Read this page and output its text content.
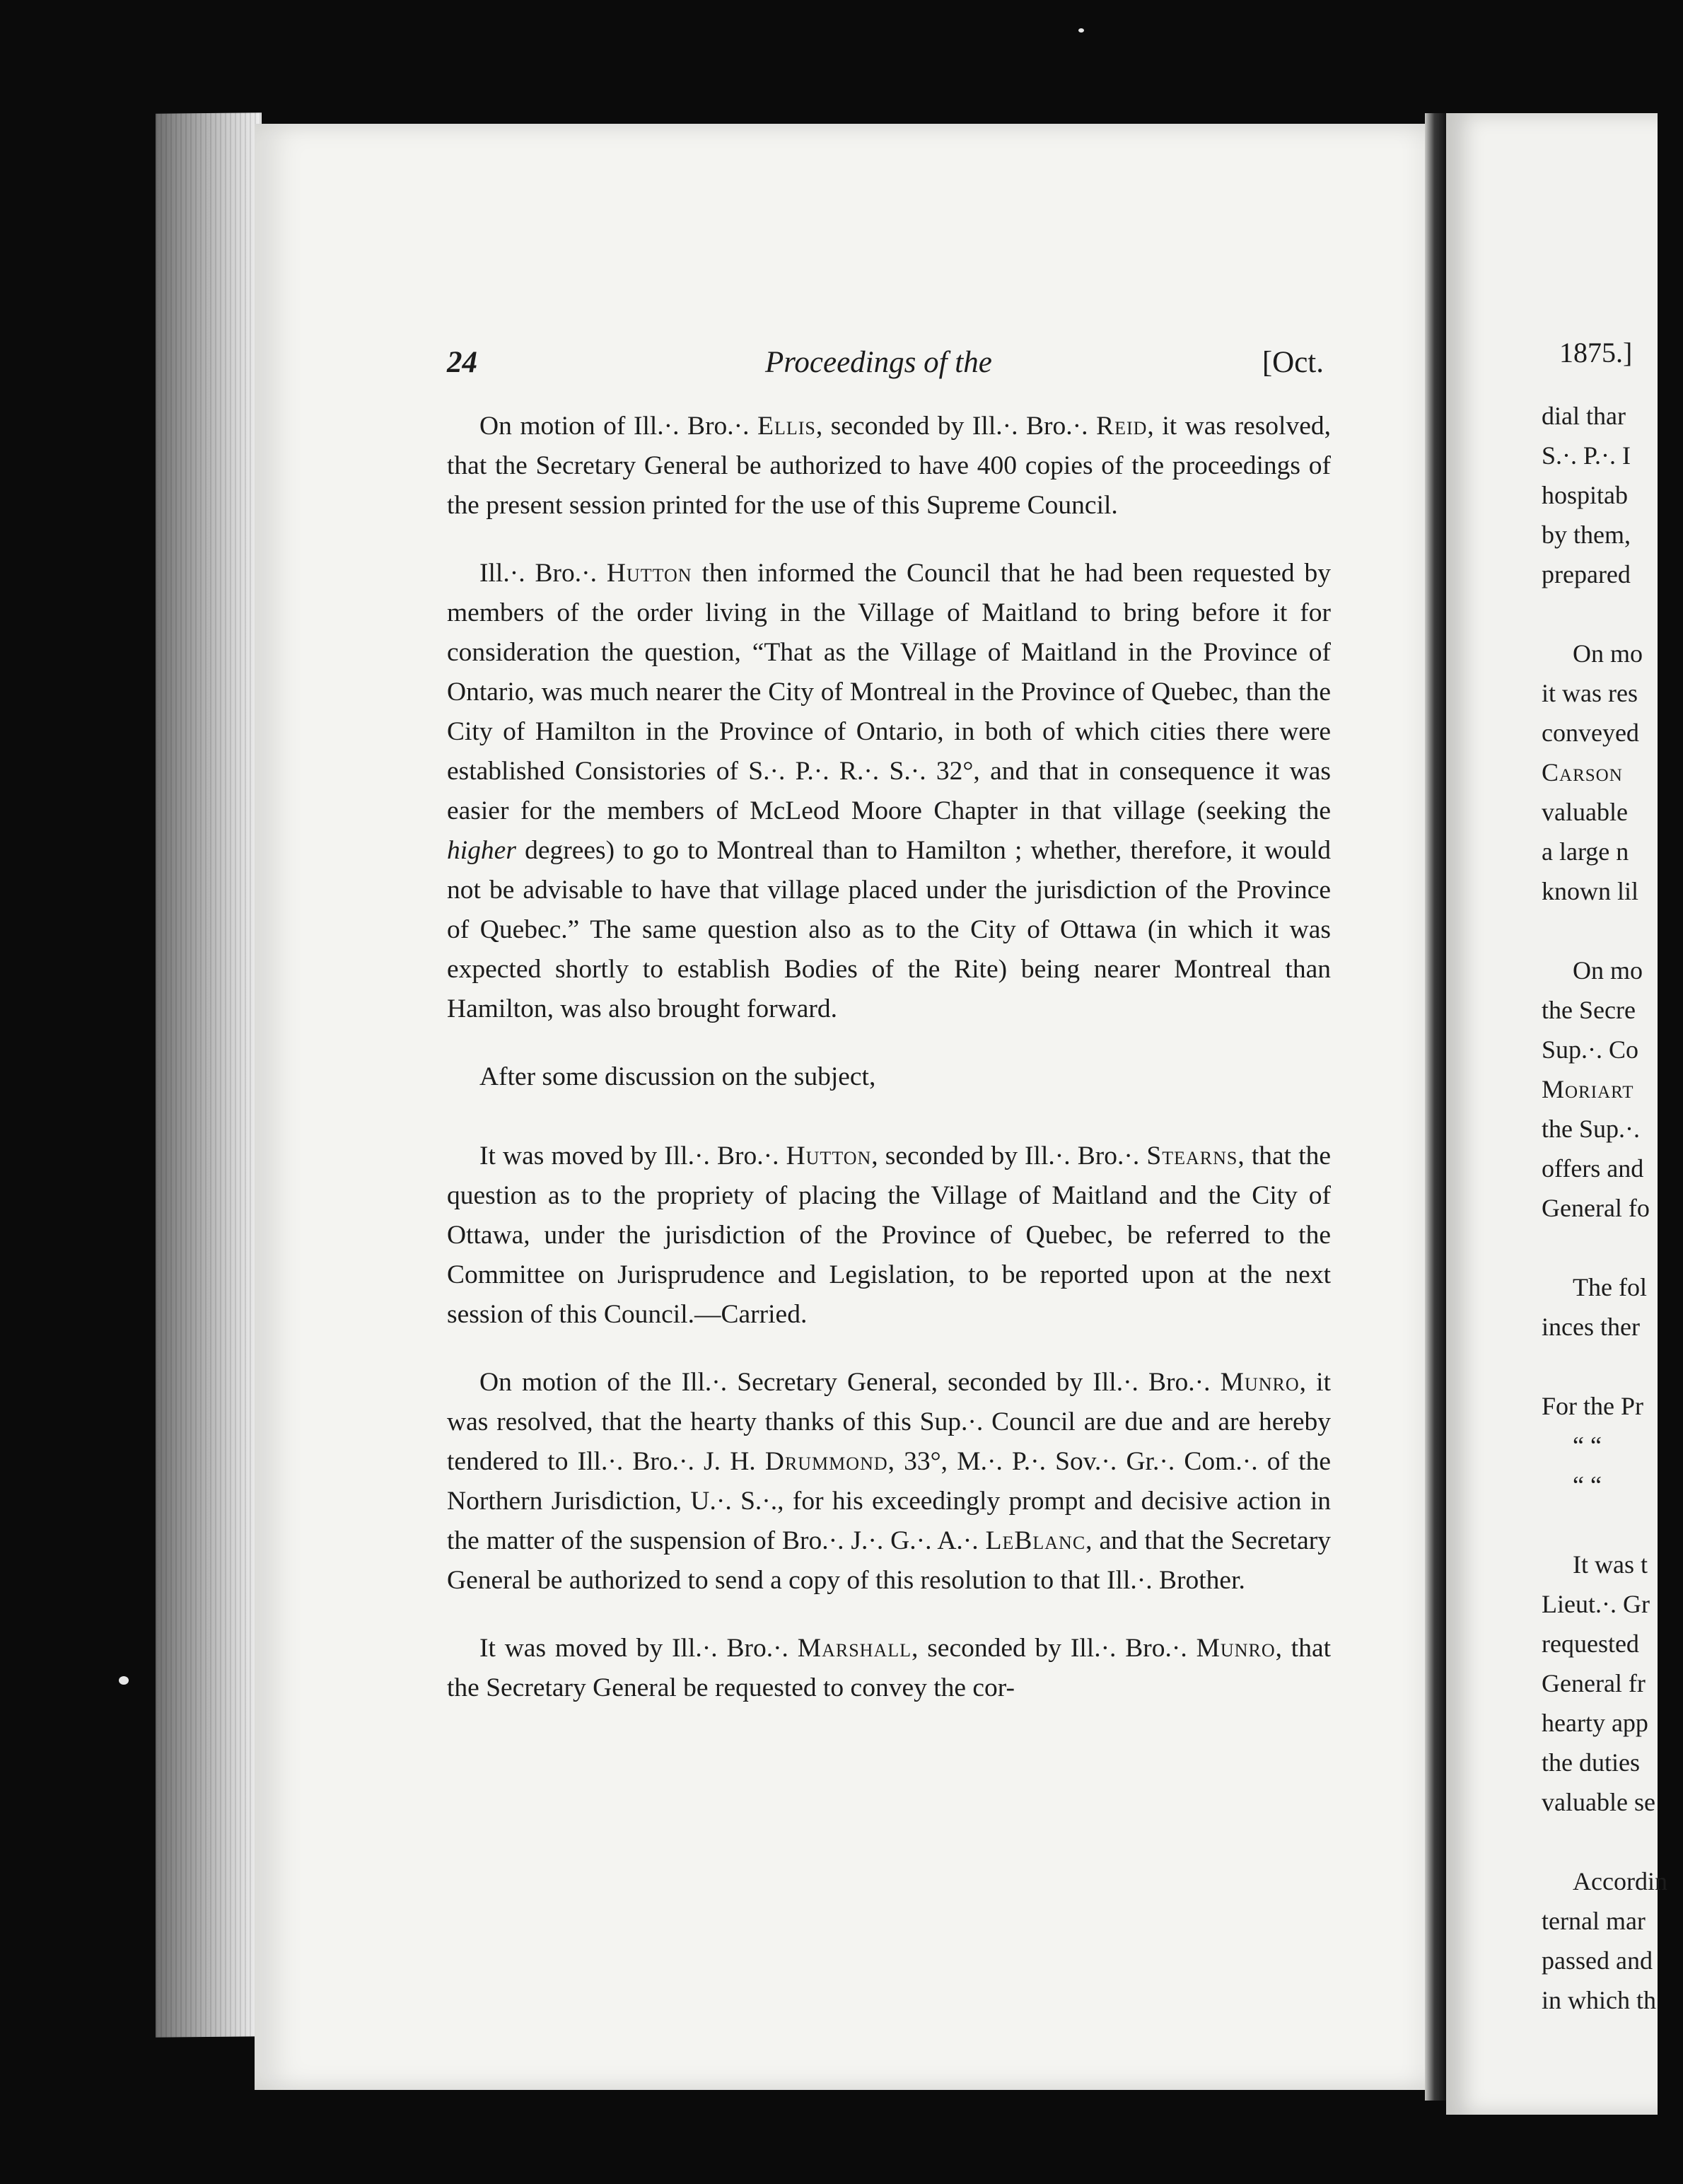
24	Proceedings of the	[Oct.

On motion of Ill.·. Bro.·. Ellis, seconded by Ill.·. Bro.·. Reid, it was resolved, that the Secretary General be authorized to have 400 copies of the proceedings of the present session printed for the use of this Supreme Council.

Ill.·. Bro.·. Hutton then informed the Council that he had been requested by members of the order living in the Village of Maitland to bring before it for consideration the question, “That as the Village of Maitland in the Province of Ontario, was much nearer the City of Montreal in the Province of Quebec, than the City of Hamilton in the Province of Ontario, in both of which cities there were established Consistories of S.·. P.·. R.·. S.·. 32°, and that in consequence it was easier for the members of McLeod Moore Chapter in that village (seeking the higher degrees) to go to Montreal than to Hamilton ; whether, therefore, it would not be advisable to have that village placed under the jurisdiction of the Province of Quebec.” The same question also as to the City of Ottawa (in which it was expected shortly to establish Bodies of the Rite) being nearer Montreal than Hamilton, was also brought forward.

After some discussion on the subject,

It was moved by Ill.·. Bro.·. Hutton, seconded by Ill.·. Bro.·. Stearns, that the question as to the propriety of placing the Village of Maitland and the City of Ottawa, under the jurisdiction of the Province of Quebec, be referred to the Committee on Jurisprudence and Legislation, to be reported upon at the next session of this Council.—Carried.

On motion of the Ill.·. Secretary General, seconded by Ill.·. Bro.·. Munro, it was resolved, that the hearty thanks of this Sup.·. Council are due and are hereby tendered to Ill.·. Bro.·. J. H. Drummond, 33°, M.·. P.·. Sov.·. Gr.·. Com.·. of the Northern Jurisdiction, U.·. S.·., for his exceedingly prompt and decisive action in the matter of the suspension of Bro.·. J.·. G.·. A.·. LeBlanc, and that the Secretary General be authorized to send a copy of this resolution to that Ill.·. Brother.

It was moved by Ill.·. Bro.·. Marshall, seconded by Ill.·. Bro.·. Munro, that the Secretary General be requested to convey the cor-

1875.]
dial thar
S.·. P.·. I
hospitab
by them,
prepared
On mo
it was res
conveyed
Carson
valuable
a large n
known lil
On mo
the Secre
Sup.·. Co
Moriart
the Sup.·.
offers and
General fo
The fol
inces ther
For the Pr
“ “
“ “
It was t
Lieut.·. Gr
requested
General fr
hearty app
the duties
valuable se
Accordin
ternal mar
passed and
in which th
